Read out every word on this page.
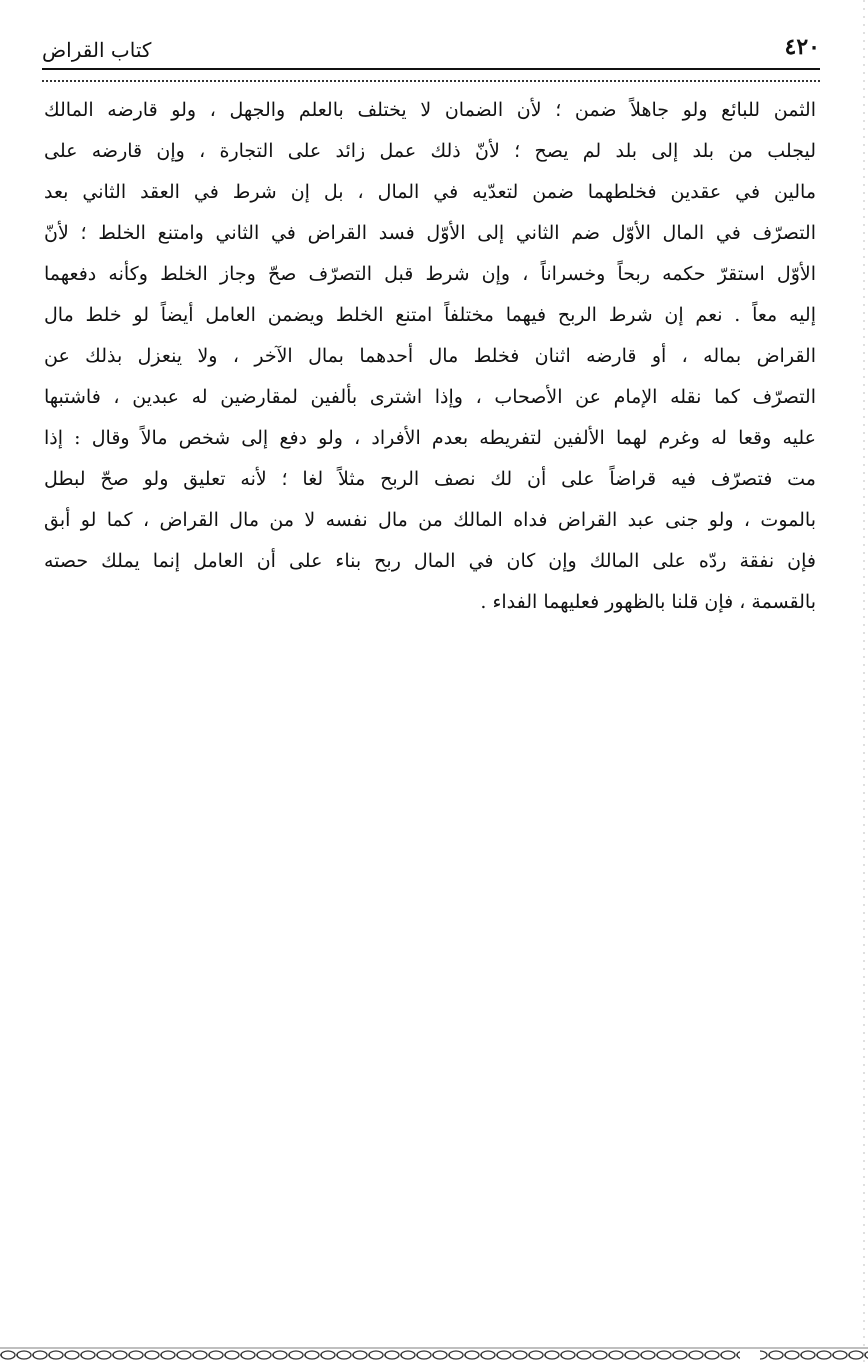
٤٢٠
كتاب القراض
الثمن للبائع ولو جاهلاً ضمن ؛ لأن الضمان لا يختلف بالعلم والجهل ، ولو قارضه المالك
ليجلب من بلد إلى بلد لم يصح ؛ لأنّ ذلك عمل زائد على التجارة ، وإن قارضه على
مالين في عقدين فخلطهما ضمن لتعدّيه في المال ، بل إن شرط في العقد الثاني بعد
التصرّف في المال الأوّل ضم الثاني إلى الأوّل فسد القراض في الثاني وامتنع الخلط ؛ لأنّ
الأوّل استقرّ حكمه ربحاً وخسراناً ، وإن شرط قبل التصرّف صحّ وجاز الخلط وكأنه دفعهما
إليه معاً . نعم إن شرط الربح فيهما مختلفاً امتنع الخلط ويضمن العامل أيضاً لو خلط مال
القراض بماله ، أو قارضه اثنان فخلط مال أحدهما بمال الآخر ، ولا ينعزل بذلك عن
التصرّف كما نقله الإمام عن الأصحاب ، وإذا اشترى بألفين لمقارضين له عبدين ، فاشتبها
عليه وقعا له وغرم لهما الألفين لتفريطه بعدم الأفراد ، ولو دفع إلى شخص مالاً وقال : إذا
مت فتصرّف فيه قراضاً على أن لك نصف الربح مثلاً لغا ؛ لأنه تعليق ولو صحّ لبطل
بالموت ، ولو جنى عبد القراض فداه المالك من مال نفسه لا من مال القراض ، كما لو أبق
فإن نفقة ردّه على المالك وإن كان في المال ربح بناء على أن العامل إنما يملك حصته
بالقسمة ، فإن قلنا بالظهور فعليهما الفداء .
